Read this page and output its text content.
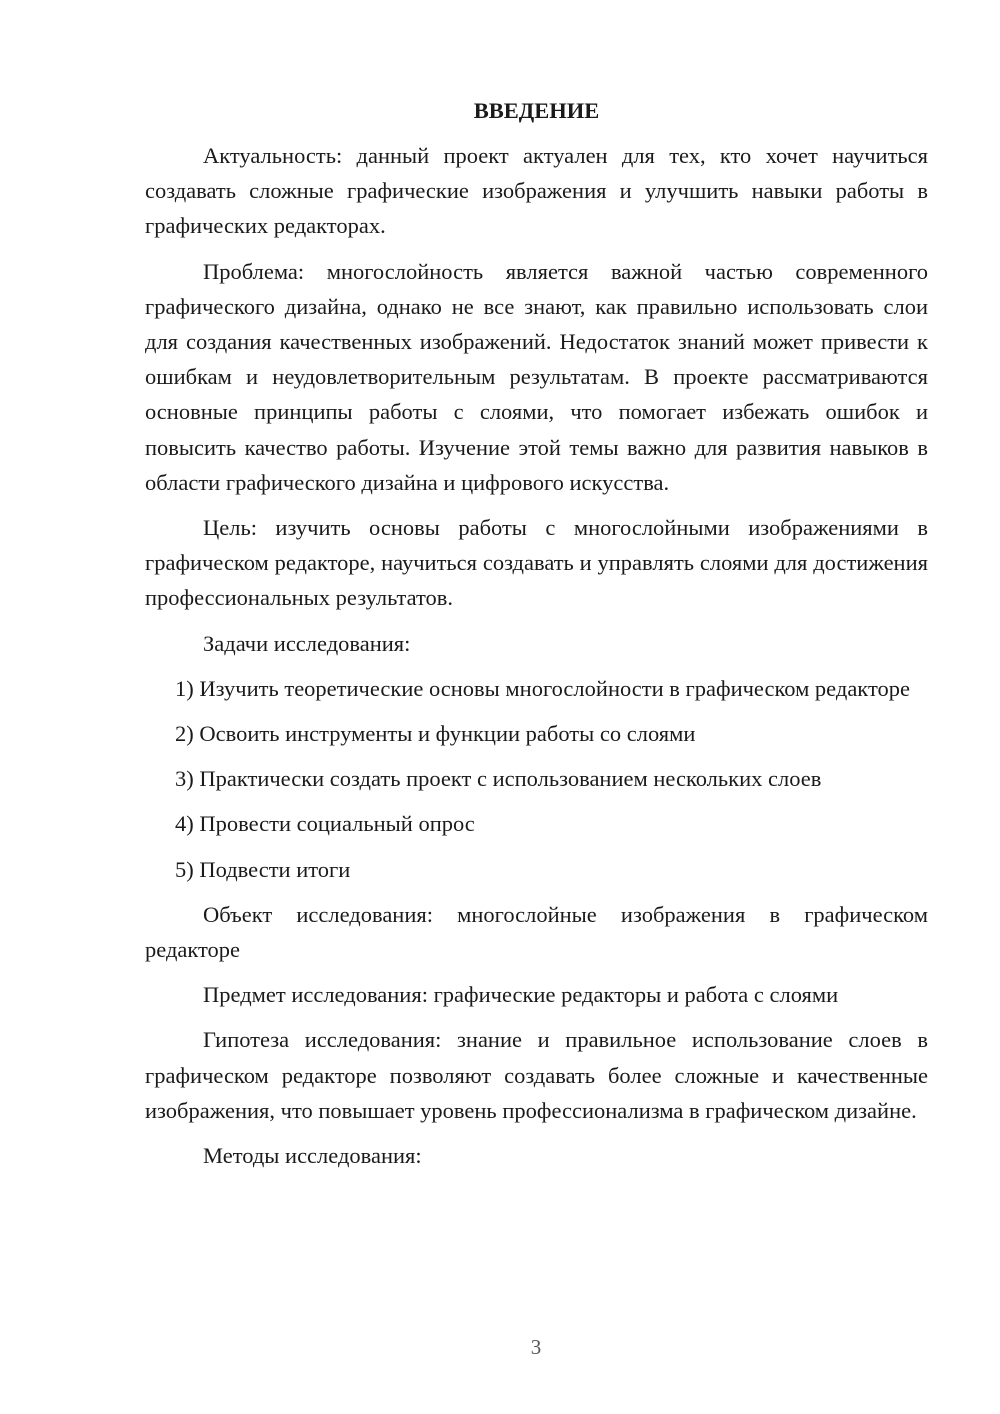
ВВЕДЕНИЕ

Актуальность: данный проект актуален для тех, кто хочет научиться создавать сложные графические изображения и улучшить навыки работы в графических редакторах.

Проблема: многослойность является важной частью современного графического дизайна, однако не все знают, как правильно использовать слои для создания качественных изображений. Недостаток знаний может привести к ошибкам и неудовлетворительным результатам. В проекте рассматриваются основные принципы работы с слоями, что помогает избежать ошибок и повысить качество работы. Изучение этой темы важно для развития навыков в области графического дизайна и цифрового искусства.

Цель: изучить основы работы с многослойными изображениями в графическом редакторе, научиться создавать и управлять слоями для достижения профессиональных результатов.

Задачи исследования:

1) Изучить теоретические основы многослойности в графическом редакторе

2) Освоить инструменты и функции работы со слоями

3) Практически создать проект с использованием нескольких слоев

4) Провести социальный опрос

5) Подвести итоги

Объект исследования: многослойные изображения в графическом редакторе

Предмет исследования: графические редакторы и работа с слоями

Гипотеза исследования: знание и правильное использование слоев в графическом редакторе позволяют создавать более сложные и качественные изображения, что повышает уровень профессионализма в графическом дизайне.

Методы исследования:

3
